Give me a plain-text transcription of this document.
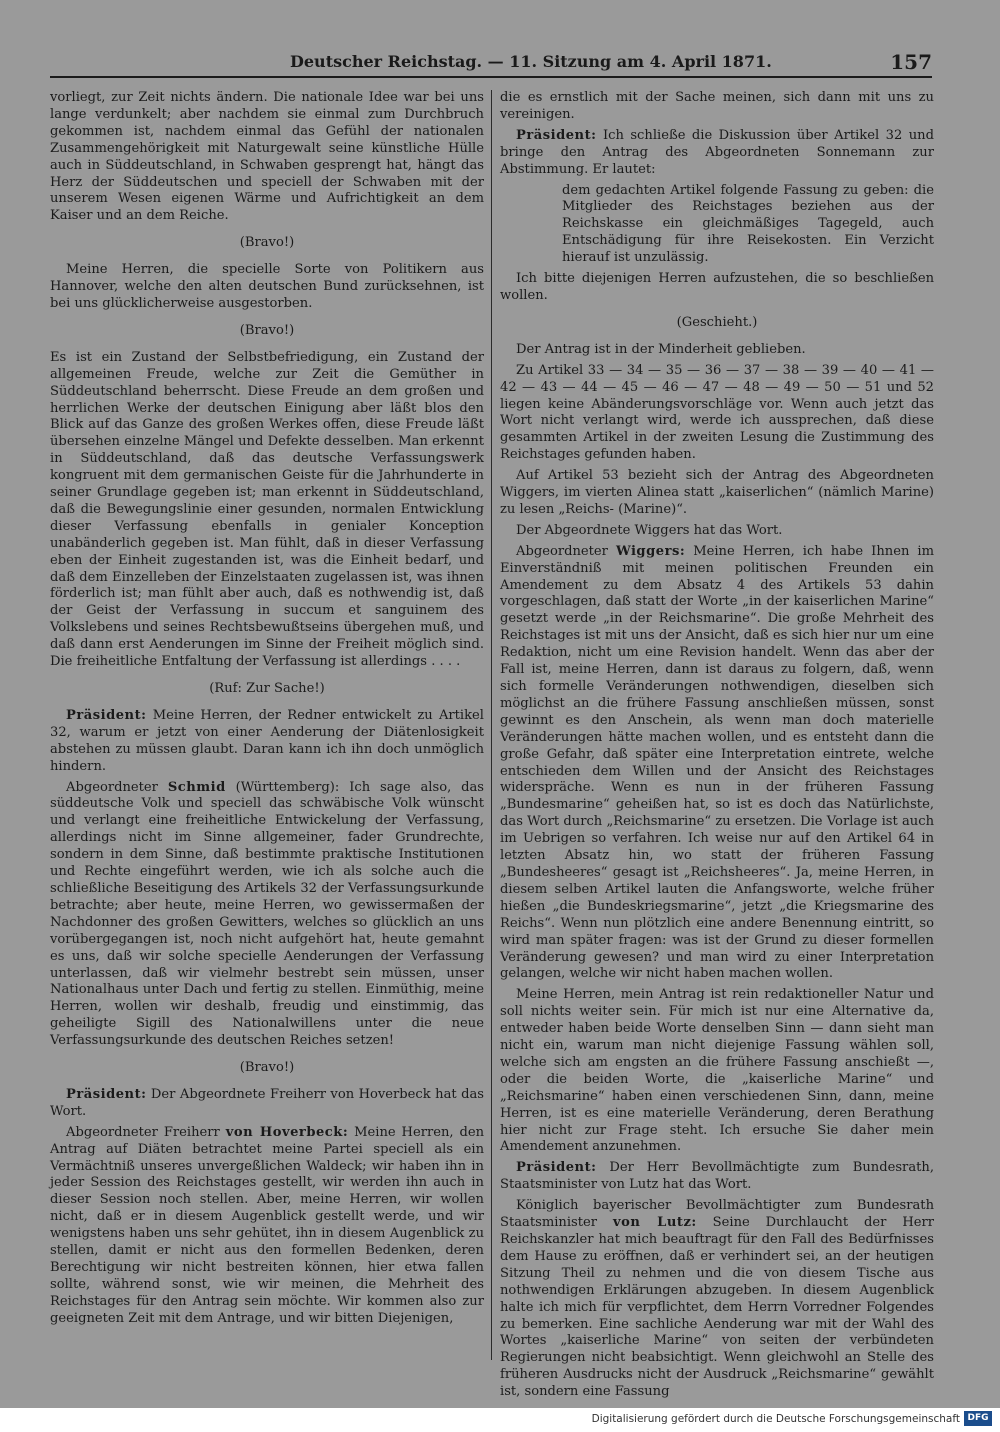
Deutscher Reichstag. — 11. Sitzung am 4. April 1871.	157

vorliegt, zur Zeit nichts ändern. Die nationale Idee war bei uns lange verdunkelt; aber nachdem sie einmal zum Durchbruch gekommen ist, nachdem einmal das Gefühl der nationalen Zusammengehörigkeit mit Naturgewalt seine künstliche Hülle auch in Süddeutschland, in Schwaben gesprengt hat, hängt das Herz der Süddeutschen und speciell der Schwaben mit der unserem Wesen eigenen Wärme und Aufrichtigkeit an dem Kaiser und an dem Reiche.

(Bravo!)

Meine Herren, die specielle Sorte von Politikern aus Hannover, welche den alten deutschen Bund zurücksehnen, ist bei uns glücklicherweise ausgestorben.

(Bravo!)

Es ist ein Zustand der Selbstbefriedigung, ein Zustand der allgemeinen Freude, welche zur Zeit die Gemüther in Süddeutschland beherrscht. Diese Freude an dem großen und herrlichen Werke der deutschen Einigung aber läßt blos den Blick auf das Ganze des großen Werkes offen, diese Freude läßt übersehen einzelne Mängel und Defekte desselben. Man erkennt in Süddeutschland, daß das deutsche Verfassungswerk kongruent mit dem germanischen Geiste für die Jahrhunderte in seiner Grundlage gegeben ist; man erkennt in Süddeutschland, daß die Bewegungslinie einer gesunden, normalen Entwicklung dieser Verfassung ebenfalls in genialer Konception unabänderlich gegeben ist. Man fühlt, daß in dieser Verfassung eben der Einheit zugestanden ist, was die Einheit bedarf, und daß dem Einzelleben der Einzelstaaten zugelassen ist, was ihnen förderlich ist; man fühlt aber auch, daß es nothwendig ist, daß der Geist der Verfassung in succum et sanguinem des Volkslebens und seines Rechtsbewußtseins übergehen muß, und daß dann erst Aenderungen im Sinne der Freiheit möglich sind. Die freiheitliche Entfaltung der Verfassung ist allerdings . . . .

(Ruf: Zur Sache!)

Präsident: Meine Herren, der Redner entwickelt zu Artikel 32, warum er jetzt von einer Aenderung der Diätenlosigkeit abstehen zu müssen glaubt. Daran kann ich ihn doch unmöglich hindern.

Abgeordneter Schmid (Württemberg): Ich sage also, das süddeutsche Volk und speciell das schwäbische Volk wünscht und verlangt eine freiheitliche Entwickelung der Verfassung, allerdings nicht im Sinne allgemeiner, fader Grundrechte, sondern in dem Sinne, daß bestimmte praktische Institutionen und Rechte eingeführt werden, wie ich als solche auch die schließliche Beseitigung des Artikels 32 der Verfassungsurkunde betrachte; aber heute, meine Herren, wo gewissermaßen der Nachdonner des großen Gewitters, welches so glücklich an uns vorübergegangen ist, noch nicht aufgehört hat, heute gemahnt es uns, daß wir solche specielle Aenderungen der Verfassung unterlassen, daß wir vielmehr bestrebt sein müssen, unser Nationalhaus unter Dach und fertig zu stellen. Einmüthig, meine Herren, wollen wir deshalb, freudig und einstimmig, das geheiligte Sigill des Nationalwillens unter die neue Verfassungsurkunde des deutschen Reiches setzen!

(Bravo!)

Präsident: Der Abgeordnete Freiherr von Hoverbeck hat das Wort.

Abgeordneter Freiherr von Hoverbeck: Meine Herren, den Antrag auf Diäten betrachtet meine Partei speciell als ein Vermächtniß unseres unvergeßlichen Waldeck; wir haben ihn in jeder Session des Reichstages gestellt, wir werden ihn auch in dieser Session noch stellen. Aber, meine Herren, wir wollen nicht, daß er in diesem Augenblick gestellt werde, und wir wenigstens haben uns sehr gehütet, ihn in diesem Augenblick zu stellen, damit er nicht aus den formellen Bedenken, deren Berechtigung wir nicht bestreiten können, hier etwa fallen sollte, während sonst, wie wir meinen, die Mehrheit des Reichstages für den Antrag sein möchte. Wir kommen also zur geeigneten Zeit mit dem Antrage, und wir bitten Diejenigen,

die es ernstlich mit der Sache meinen, sich dann mit uns zu vereinigen.

Präsident: Ich schließe die Diskussion über Artikel 32 und bringe den Antrag des Abgeordneten Sonnemann zur Abstimmung. Er lautet:

dem gedachten Artikel folgende Fassung zu geben: die Mitglieder des Reichstages beziehen aus der Reichskasse ein gleichmäßiges Tagegeld, auch Entschädigung für ihre Reisekosten. Ein Verzicht hierauf ist unzulässig.

Ich bitte diejenigen Herren aufzustehen, die so beschließen wollen.

(Geschieht.)

Der Antrag ist in der Minderheit geblieben.

Zu Artikel 33 — 34 — 35 — 36 — 37 — 38 — 39 — 40 — 41 — 42 — 43 — 44 — 45 — 46 — 47 — 48 — 49 — 50 — 51 und 52 liegen keine Abänderungsvorschläge vor. Wenn auch jetzt das Wort nicht verlangt wird, werde ich aussprechen, daß diese gesammten Artikel in der zweiten Lesung die Zustimmung des Reichstages gefunden haben.

Auf Artikel 53 bezieht sich der Antrag des Abgeordneten Wiggers, im vierten Alinea statt „kaiserlichen“ (nämlich Marine) zu lesen „Reichs- (Marine)“.

Der Abgeordnete Wiggers hat das Wort.

Abgeordneter Wiggers: Meine Herren, ich habe Ihnen im Einverständniß mit meinen politischen Freunden ein Amendement zu dem Absatz 4 des Artikels 53 dahin vorgeschlagen, daß statt der Worte „in der kaiserlichen Marine“ gesetzt werde „in der Reichsmarine“. Die große Mehrheit des Reichstages ist mit uns der Ansicht, daß es sich hier nur um eine Redaktion, nicht um eine Revision handelt. Wenn das aber der Fall ist, meine Herren, dann ist daraus zu folgern, daß, wenn sich formelle Veränderungen nothwendigen, dieselben sich möglichst an die frühere Fassung anschließen müssen, sonst gewinnt es den Anschein, als wenn man doch materielle Veränderungen hätte machen wollen, und es entsteht dann die große Gefahr, daß später eine Interpretation eintrete, welche entschieden dem Willen und der Ansicht des Reichstages widerspräche. Wenn es nun in der früheren Fassung „Bundesmarine“ geheißen hat, so ist es doch das Natürlichste, das Wort durch „Reichsmarine“ zu ersetzen. Die Vorlage ist auch im Uebrigen so verfahren. Ich weise nur auf den Artikel 64 in letzten Absatz hin, wo statt der früheren Fassung „Bundesheeres“ gesagt ist „Reichsheeres“. Ja, meine Herren, in diesem selben Artikel lauten die Anfangsworte, welche früher hießen „die Bundeskriegsmarine“, jetzt „die Kriegsmarine des Reichs“. Wenn nun plötzlich eine andere Benennung eintritt, so wird man später fragen: was ist der Grund zu dieser formellen Veränderung gewesen? und man wird zu einer Interpretation gelangen, welche wir nicht haben machen wollen.

Meine Herren, mein Antrag ist rein redaktioneller Natur und soll nichts weiter sein. Für mich ist nur eine Alternative da, entweder haben beide Worte denselben Sinn — dann sieht man nicht ein, warum man nicht diejenige Fassung wählen soll, welche sich am engsten an die frühere Fassung anschießt —, oder die beiden Worte, die „kaiserliche Marine“ und „Reichsmarine“ haben einen verschiedenen Sinn, dann, meine Herren, ist es eine materielle Veränderung, deren Berathung hier nicht zur Frage steht. Ich ersuche Sie daher mein Amendement anzunehmen.

Präsident: Der Herr Bevollmächtigte zum Bundesrath, Staatsminister von Lutz hat das Wort.

Königlich bayerischer Bevollmächtigter zum Bundesrath Staatsminister von Lutz: Seine Durchlaucht der Herr Reichskanzler hat mich beauftragt für den Fall des Bedürfnisses dem Hause zu eröffnen, daß er verhindert sei, an der heutigen Sitzung Theil zu nehmen und die von diesem Tische aus nothwendigen Erklärungen abzugeben. In diesem Augenblick halte ich mich für verpflichtet, dem Herrn Vorredner Folgendes zu bemerken. Eine sachliche Aenderung war mit der Wahl des Wortes „kaiserliche Marine“ von seiten der verbündeten Regierungen nicht beabsichtigt. Wenn gleichwohl an Stelle des früheren Ausdrucks nicht der Ausdruck „Reichsmarine“ gewählt ist, sondern eine Fassung

Digitalisierung gefördert durch die Deutsche Forschungsgemeinschaft DFG
